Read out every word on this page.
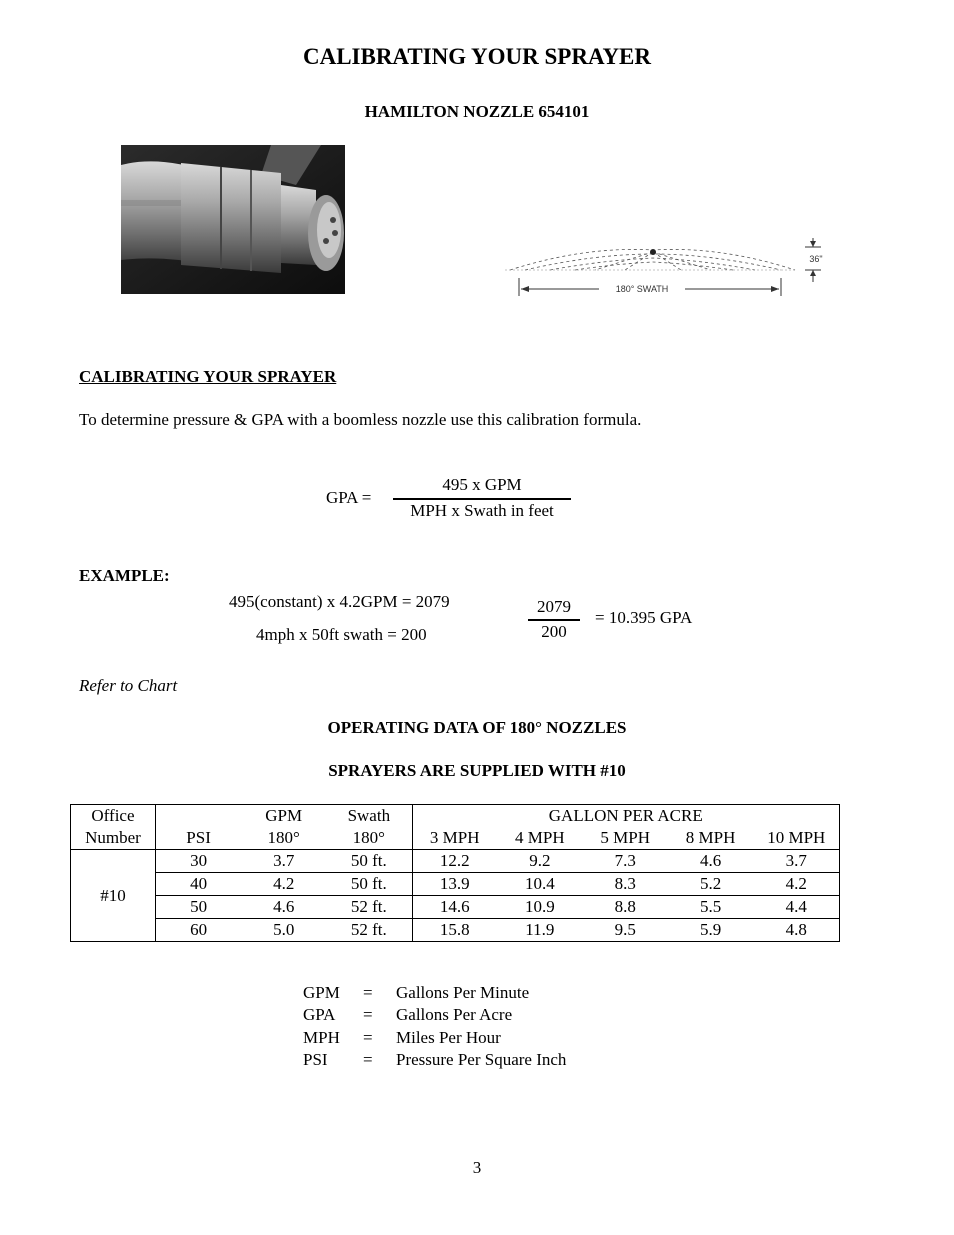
CALIBRATING YOUR SPRAYER
HAMILTON NOZZLE 654101
180° SWATH
36"
CALIBRATING YOUR SPRAYER
To determine pressure & GPA with a boomless nozzle use this calibration formula.
GPA =
495 x GPM
MPH x Swath in feet
EXAMPLE:
495(constant) x 4.2GPM = 2079
4mph x 50ft swath = 200
2079
200
= 10.395 GPA
Refer to Chart
OPERATING DATA OF 180° NOZZLES
SPRAYERS ARE SUPPLIED WITH #10
Office		GPM	Swath	GALLON PER ACRE				
Number	PSI	180°	180°	3 MPH	4 MPH	5 MPH	8 MPH	10 MPH
#10	30	3.7	50 ft.	12.2	9.2	7.3	4.6	3.7
	40	4.2	50 ft.	13.9	10.4	8.3	5.2	4.2
	50	4.6	52 ft.	14.6	10.9	8.8	5.5	4.4
	60	5.0	52 ft.	15.8	11.9	9.5	5.9	4.8
GPM = Gallons Per Minute
GPA = Gallons Per Acre
MPH = Miles Per Hour
PSI = Pressure Per Square Inch
3
